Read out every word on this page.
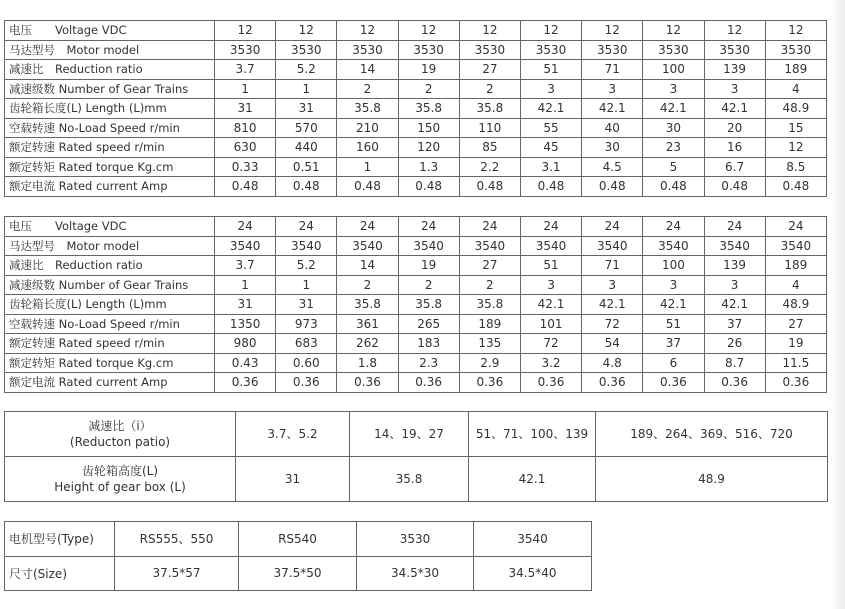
电压　　Voltage VDC	12	12	12	12	12	12	12	12	12	12
马达型号　Motor model	3530	3530	3530	3530	3530	3530	3530	3530	3530	3530
减速比　Reduction ratio	3.7	5.2	14	19	27	51	71	100	139	189
减速级数 Number of Gear Trains	1	1	2	2	2	3	3	3	3	4
齿轮箱长度(L) Length (L)mm	31	31	35.8	35.8	35.8	42.1	42.1	42.1	42.1	48.9
空载转速 No-Load Speed r/min	810	570	210	150	110	55	40	30	20	15
额定转速 Rated speed r/min	630	440	160	120	85	45	30	23	16	12
额定转矩 Rated torque Kg.cm	0.33	0.51	1	1.3	2.2	3.1	4.5	5	6.7	8.5
额定电流 Rated current Amp	0.48	0.48	0.48	0.48	0.48	0.48	0.48	0.48	0.48	0.48
电压　　Voltage VDC	24	24	24	24	24	24	24	24	24	24
马达型号　Motor model	3540	3540	3540	3540	3540	3540	3540	3540	3540	3540
减速比　Reduction ratio	3.7	5.2	14	19	27	51	71	100	139	189
减速级数 Number of Gear Trains	1	1	2	2	2	3	3	3	3	4
齿轮箱长度(L) Length (L)mm	31	31	35.8	35.8	35.8	42.1	42.1	42.1	42.1	48.9
空载转速 No-Load Speed r/min	1350	973	361	265	189	101	72	51	37	27
额定转速 Rated speed r/min	980	683	262	183	135	72	54	37	26	19
额定转矩 Rated torque Kg.cm	0.43	0.60	1.8	2.3	2.9	3.2	4.8	6	8.7	11.5
额定电流 Rated current Amp	0.36	0.36	0.36	0.36	0.36	0.36	0.36	0.36	0.36	0.36
减速比（i）
(Reducton patio)	3.7、5.2	14、19、27	51、71、100、139	189、264、369、516、720

齿轮箱高度(L)
Height of gear box (L)	31	35.8	42.1	48.9
电机型号(Type)	RS555、550	RS540	3530	3540
尺寸(Size)	37.5*57	37.5*50	34.5*30	34.5*40
